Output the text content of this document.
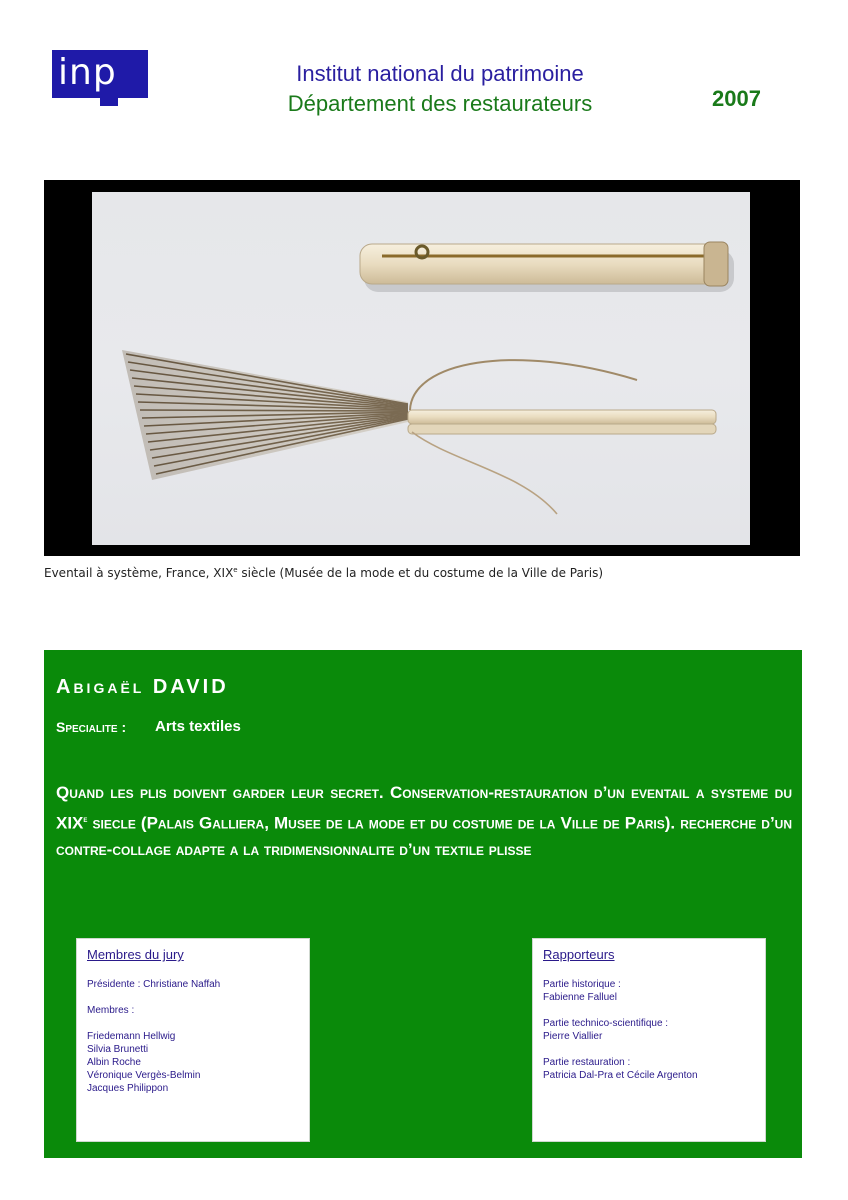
inp	Institut national du patrimoine
Département des restaurateurs	2007
Eventail à système, France, XIXe siècle (Musée de la mode et du costume de la Ville de Paris)
Abigaël DAVID
Specialite : Arts textiles
Quand les plis doivent garder leur secret. Conservation-restauration d’un eventail a systeme du XIXe siecle (Palais Galliera, Musee de la mode et du costume de la Ville de Paris). recherche d’un contre-collage adapte a la tridimensionnalite d’un textile plisse
Membres du jury
Présidente : Christiane Naffah
Membres :
Friedemann Hellwig
Silvia Brunetti
Albin Roche
Véronique Vergès-Belmin
Jacques Philippon
Rapporteurs
Partie historique :
Fabienne Falluel
Partie technico-scientifique :
Pierre Viallier
Partie restauration :
Patricia Dal-Pra et Cécile Argenton
